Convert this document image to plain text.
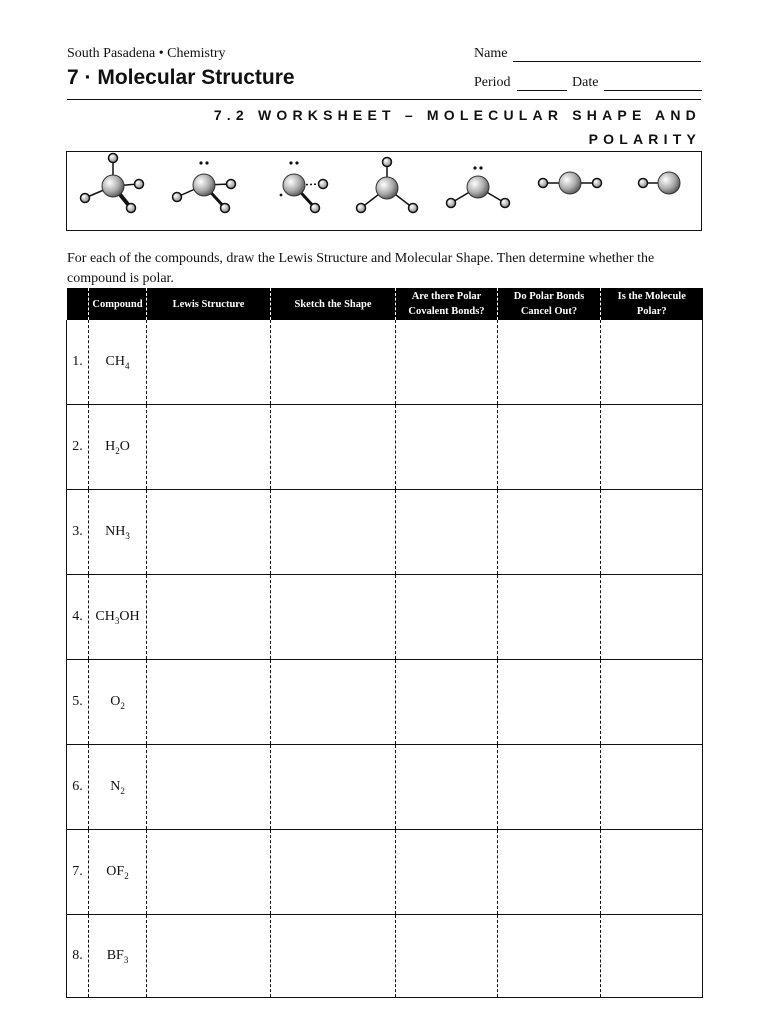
South Pasadena • Chemistry
7 · Molecular Structure
Name
Period	Date
7.2 WORKSHEET – MOLECULAR SHAPE AND POLARITY
For each of the compounds, draw the Lewis Structure and Molecular Shape. Then determine whether the compound is polar.
	Compound	Lewis Structure	Sketch the Shape	Are there Polar Covalent Bonds?	Do Polar Bonds Cancel Out?	Is the Molecule Polar?
1.	$CH_4$					
2.	$H_2O$					
3.	$NH_3$					
4.	$CH_3OH$					
5.	$O_2$					
6.	$N_2$					
7.	$OF_2$					
8.	$BF_3$					
